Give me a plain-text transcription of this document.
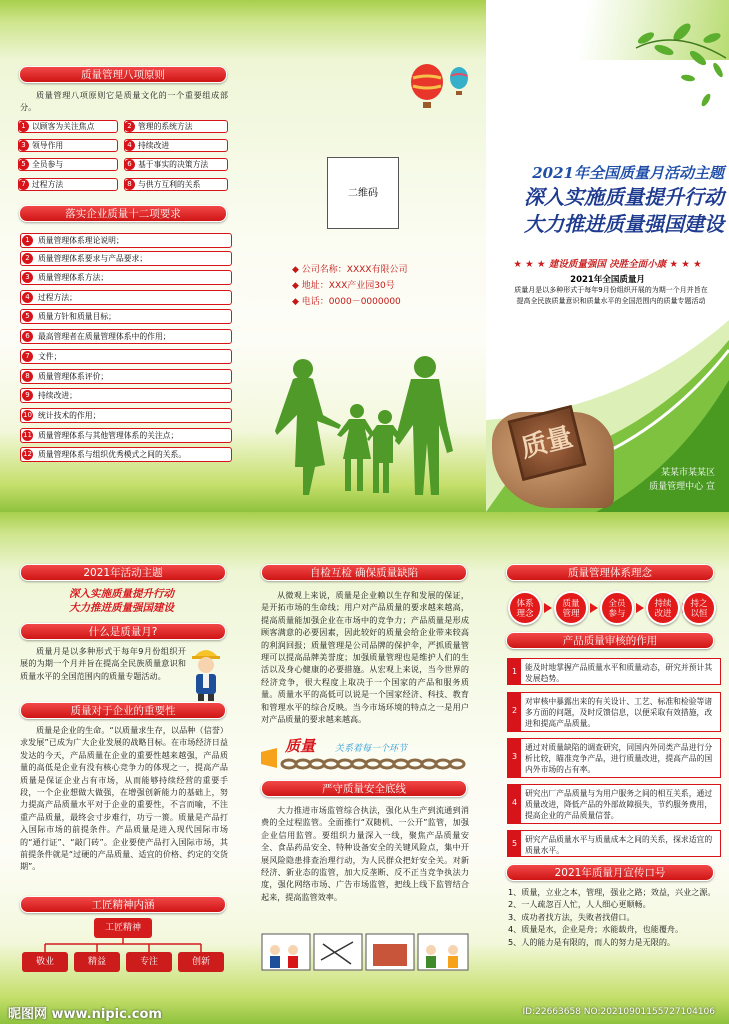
质量管理八项原则
质量管理八项原则它是质量文化的一个重要组成部分。
1 以顾客为关注焦点	2 管理的系统方法
3 领导作用	4 持续改进
5 全员参与	6 基于事实的决策方法
7 过程方法	8 与供方互利的关系
落实企业质量十二项要求
1 质量管理体系理论说明；
2 质量管理体系要求与产品要求；
3 质量管理体系方法；
4 过程方法；
5 质量方针和质量目标；
6 最高管理者在质量管理体系中的作用；
7 文件；
8 质量管理体系评价；
9 持续改进；
10 统计技术的作用；
11 质量管理体系与其他管理体系的关注点；
12 质量管理体系与组织优秀模式之间的关系。
二维码
◆ 公司名称：XXXX有限公司
◆ 地址：XXX产业园30号
◆ 电话：0000－0000000
2021年全国质量月活动主题
深入实施质量提升行动
大力推进质量强国建设
★ ★ ★ 建设质量强国 决胜全面小康 ★ ★ ★
2021年全国质量月
质量月是以多种形式于每年9月份组织开展的为期一个月并旨在
提高全民族质量意识和质量水平的全国范围内的质量专题活动
质量
某某市某某区
质量管理中心 宣
2021年活动主题
深入实施质量提升行动
大力推进质量强国建设
什么是质量月?
质量月是以多种形式于每年9月份组织开展的为期一个月并旨在提高全民族质量意识和质量水平的全国范围内的质量专题活动。
质量对于企业的重要性
质量是企业的生命。“以质量求生存，以品种（信誉）求发展”已成为广大企业发展的战略目标。在市场经济日益发达的今天，产品质量在企业的重要性越来越强，产品质量的高低是企业有没有核心竞争力的体现之一，提高产品质量是保证企业占有市场，从而能够持续经营的重要手段，一个企业想做大做强，在增强创新能力的基础上，努力提高产品质量水平对于企业的重要性，不言而喻，不注重产品质量，最终会寸步难行，功亏一篑。质量是产品打入国际市场的前提条件。产品质量是进入现代国际市场的“通行证”、“敲门砖”。企业要使产品打入国际市场，其前提条件就是“过硬的产品质量、适宜的价格、约定的交货期”。
工匠精神内涵
工匠精神
敬业	精益	专注	创新
自检互检 确保质量缺陷
从微观上来说，质量是企业赖以生存和发展的保证，是开拓市场的生命线；用户对产品质量的要求越来越高，提高质量能加强企业在市场中的竞争力；产品质量是形成顾客满意的必要因素，因此较好的质量会给企业带来较高的利润回报；质量管理是公司品牌的保护伞，严抓质量管理可以提高品牌美誉度；加强质量管理也是维护人们的生活以及身心健康的必要措施。从宏观上来说，当今世界的经济竞争，很大程度上取决于一个国家的产品和服务质量。质量水平的高低可以说是一个国家经济、科技、教育和管理水平的综合反映。当今市场环境的特点之一是用户对产品质量的要求越来越高。
质量 关系着每一个环节
严守质量安全底线
大力推进市场监管综合执法，强化从生产到流通到消费的全过程监管。全面推行“双随机、一公开”监管，加强企业信用监管。要组织力量深入一线，聚焦产品质量安全、食品药品安全、特种设备安全的关键风险点，集中开展风险隐患排查治理行动，为人民群众把好安全关。对新经济、新业态的监管，加大反垄断、反不正当竞争执法力度，强化网络市场、广告市场监管，把线上线下监管结合起来，提高监管效率。
质量管理体系理念
体系
理念
质量
管理
全员
参与
持续
改进
持之
以恒
产品质量审核的作用
1	能及时地掌握产品质量水平和质量动态，研究并预计其发展趋势。
2
对审核中暴露出来的有关设计、工艺、标准和检验等诸多方面的问题，及时反馈信息，以便采取有效措施，改进和提高产品质量。
3
通过对质量缺陷的调查研究，同国内外同类产品进行分析比较，瞄准竞争产品，进行质量改进，提高产品的国内外市场的占有率。
4
研究出厂产品质量与为用户服务之间的相互关系，通过质量改进，降低产品的外部故障损失，节约服务费用，提高企业的产品质量信誉。
5	研究产品质量水平与质量成本之间的关系，探求适宜的质量水平。
2021年质量月宣传口号
1、质量，立业之本，管理，强业之路；效益，兴业之源。
2、一人疏忽百人忙，人人细心更顺畅。
3、成功者找方法，失败者找借口。
4、质量是水，企业是舟；水能载舟，也能覆舟。
5、人的能力是有限的，而人的努力是无限的。
昵图网 www.nipic.com	ID:22663658 NO:20210901155727104106
